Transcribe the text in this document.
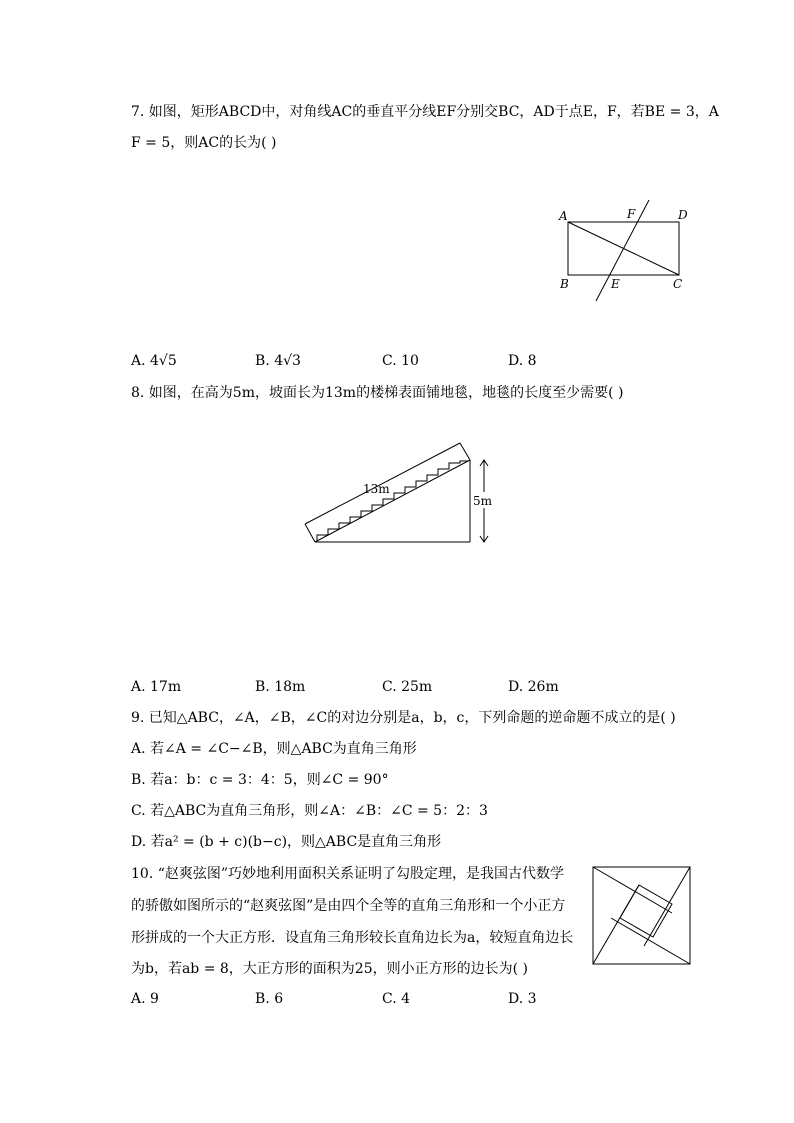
7. 如图，矩形ABCD中，对角线AC的垂直平分线EF分别交BC，AD于点E，F，若BE = 3，A
F = 5，则AC的长为( )
A	F	D
B	E	C
A. 4√5	B. 4√3	C. 10	D. 8
8. 如图，在高为5m，坡面长为13m的楼梯表面铺地毯，地毯的长度至少需要( )
5m
13m
A. 17m	B. 18m	C. 25m	D. 26m
9. 已知△ABC，∠A，∠B，∠C的对边分别是a，b，c，下列命题的逆命题不成立的是( )
A. 若∠A = ∠C−∠B，则△ABC为直角三角形
B. 若a：b：c = 3：4：5，则∠C = 90°
C. 若△ABC为直角三角形，则∠A：∠B：∠C = 5：2：3
D. 若a² = (b + c)(b−c)，则△ABC是直角三角形
10. “赵爽弦图”巧妙地利用面积关系证明了勾股定理，是我国古代数学
的骄傲如图所示的“赵爽弦图”是由四个全等的直角三角形和一个小正方
形拼成的一个大正方形．设直角三角形较长直角边长为a，较短直角边长
为b，若ab = 8，大正方形的面积为25，则小正方形的边长为( )
A. 9	B. 6	C. 4	D. 3
